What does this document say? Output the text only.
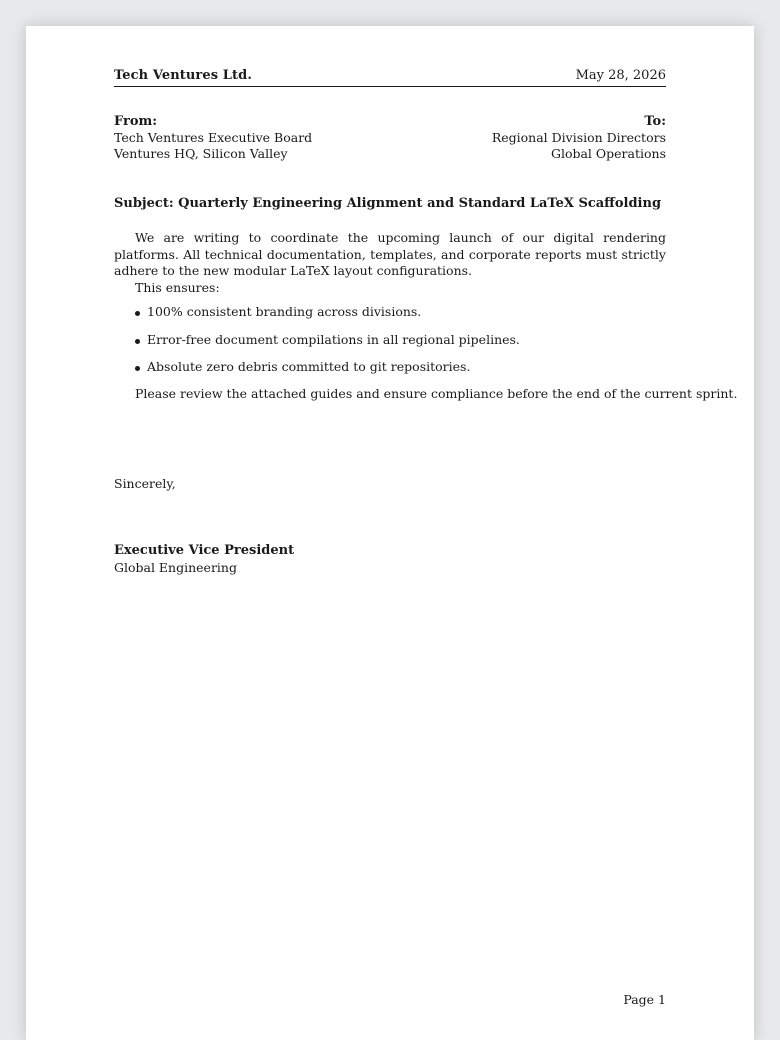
Tech Ventures Ltd.	May 28, 2026
From:
Tech Ventures Executive Board
Ventures HQ, Silicon Valley
To:
Regional Division Directors
Global Operations
Subject: Quarterly Engineering Alignment and Standard LaTeX Scaffolding

We are writing to coordinate the upcoming launch of our digital rendering platforms. All technical documentation, templates, and corporate reports must strictly adhere to the new modular LaTeX layout configurations.

This ensures:

100% consistent branding across divisions.
Error-free document compilations in all regional pipelines.
Absolute zero debris committed to git repositories.

Please review the attached guides and ensure compliance before the end of the current sprint.

Sincerely,
Executive Vice President
Global Engineering
Page 1
